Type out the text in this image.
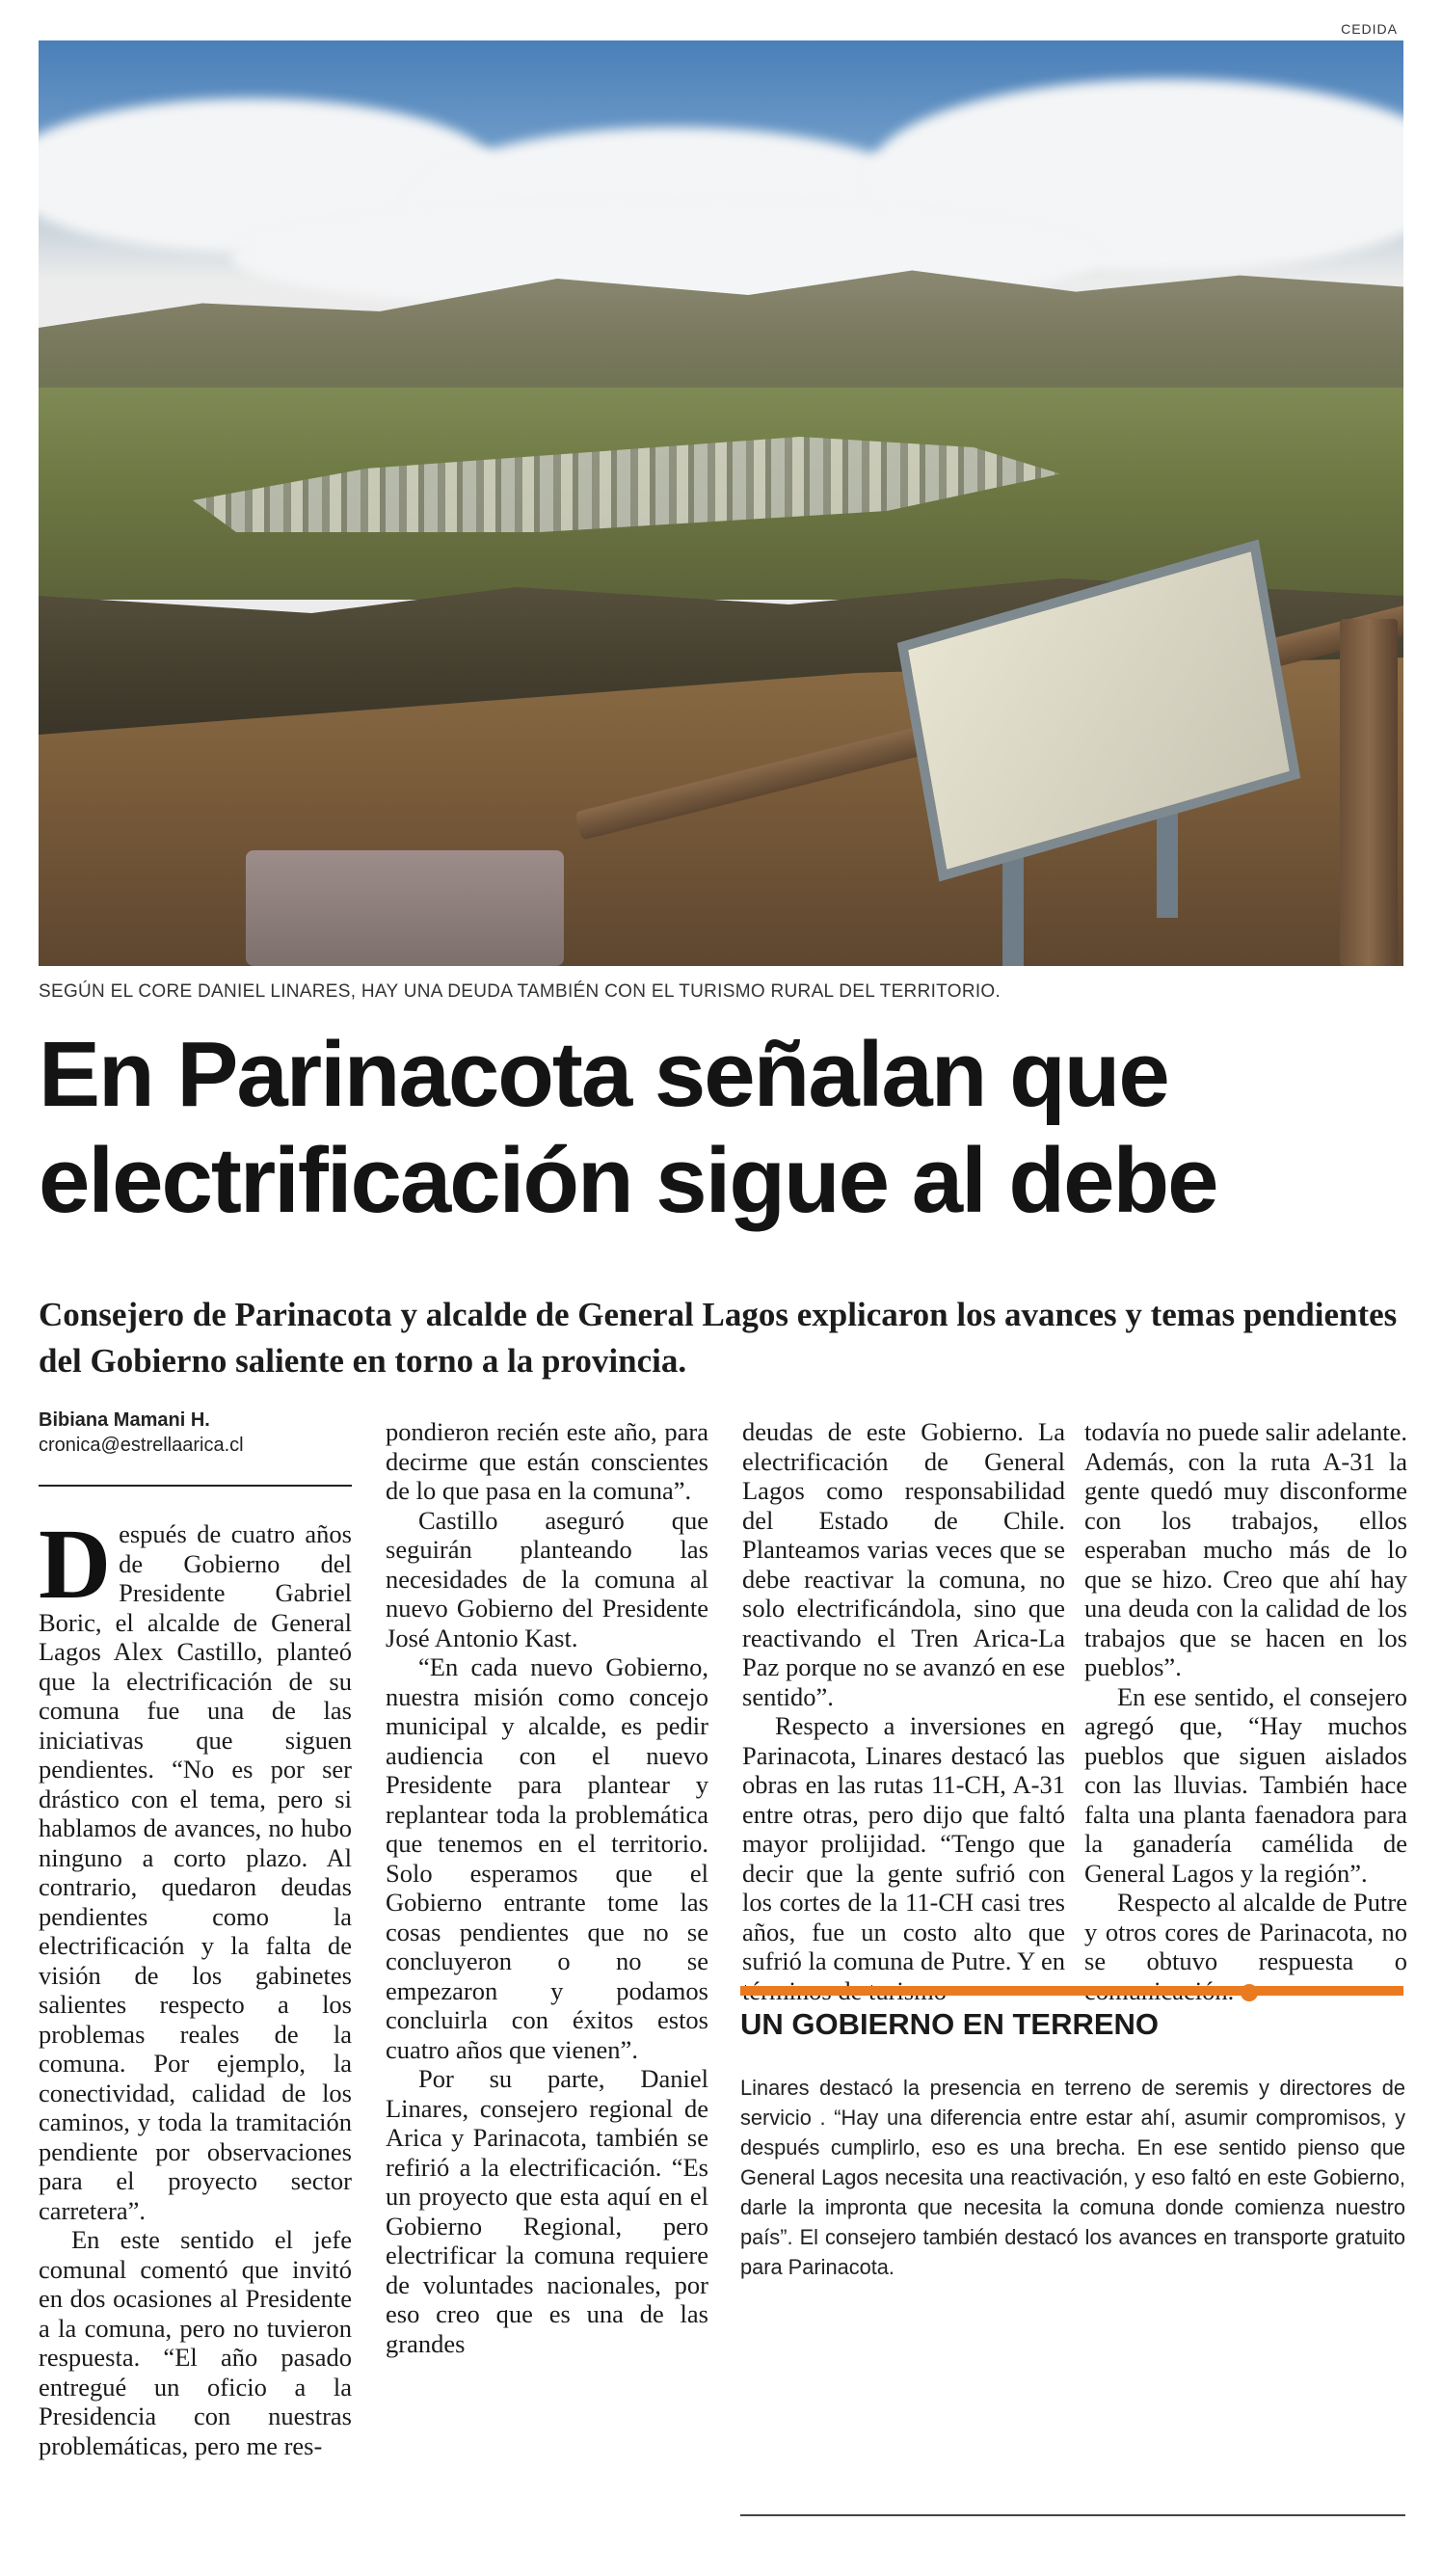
CEDIDA
SEGÚN EL CORE DANIEL LINARES, HAY UNA DEUDA TAMBIÉN CON EL TURISMO RURAL DEL TERRITORIO.
En Parinacota señalan que electrificación sigue al debe
Consejero de Parinacota y alcalde de General Lagos explicaron los avances y temas pendientes del Gobierno saliente en torno a la provincia.
Bibiana Mamani H.
cronica@estrellaarica.cl

Después de cuatro años de Gobierno del Presidente Gabriel Boric, el alcalde de General Lagos Alex Castillo, planteó que la electrificación de su comuna fue una de las iniciativas que siguen pendientes. “No es por ser drástico con el tema, pero si hablamos de avances, no hubo ninguno a corto plazo. Al contrario, quedaron deudas pendientes como la electrificación y la falta de visión de los gabinetes salientes respecto a los problemas reales de la comuna. Por ejemplo, la conectividad, calidad de los caminos, y toda la tramitación pendiente por observaciones para el proyecto sector carretera”.

En este sentido el jefe comunal comentó que invitó en dos ocasiones al Presidente a la comuna, pero no tuvieron respuesta. “El año pasado entregué un oficio a la Presidencia con nuestras problemáticas, pero me res-

pondieron recién este año, para decirme que están conscientes de lo que pasa en la comuna”.

Castillo aseguró que seguirán planteando las necesidades de la comuna al nuevo Gobierno del Presidente José Antonio Kast.

“En cada nuevo Gobierno, nuestra misión como concejo municipal y alcalde, es pedir audiencia con el nuevo Presidente para plantear y replantear toda la problemática que tenemos en el territorio. Solo esperamos que el Gobierno entrante tome las cosas pendientes que no se concluyeron o no se empezaron y podamos concluirla con éxitos estos cuatro años que vienen”.

Por su parte, Daniel Linares, consejero regional de Arica y Parinacota, también se refirió a la electrificación. “Es un proyecto que esta aquí en el Gobierno Regional, pero electrificar la comuna requiere de voluntades nacionales, por eso creo que es una de las grandes

deudas de este Gobierno. La electrificación de General Lagos como responsabilidad del Estado de Chile. Planteamos varias veces que se debe reactivar la comuna, no solo electrificándola, sino que reactivando el Tren Arica-La Paz porque no se avanzó en ese sentido”.

Respecto a inversiones en Parinacota, Linares destacó las obras en las rutas 11-CH, A-31 entre otras, pero dijo que faltó mayor prolijidad. “Tengo que decir que la gente sufrió con los cortes de la 11-CH casi tres años, fue un costo alto que sufrió la comuna de Putre. Y en

todavía no puede salir adelante. Además, con la ruta A-31 la gente quedó muy disconforme con los trabajos, ellos esperaban mucho más de lo que se hizo. Creo que ahí hay una deuda con la calidad de los trabajos que se hacen en los pueblos”.

En ese sentido, el consejero agregó que, “Hay muchos pueblos que siguen aislados con las lluvias. También hace falta una planta faenadora para la ganadería camélida de General Lagos y la región”.

Respecto al alcalde de Putre y otros cores de Parinacota, no se obtuvo respuesta o

UN GOBIERNO EN TERRENO
Linares destacó la presencia en terreno de seremis y directores de servicio . “Hay una diferencia entre estar ahí, asumir compromisos, y después cumplirlo, eso es una brecha. En ese sentido pienso que General Lagos necesita una reactivación, y eso faltó en este Gobierno, darle la impronta que necesita la comuna donde comienza nuestro país”. El consejero también destacó los avances en transporte gratuito para Parinacota.
